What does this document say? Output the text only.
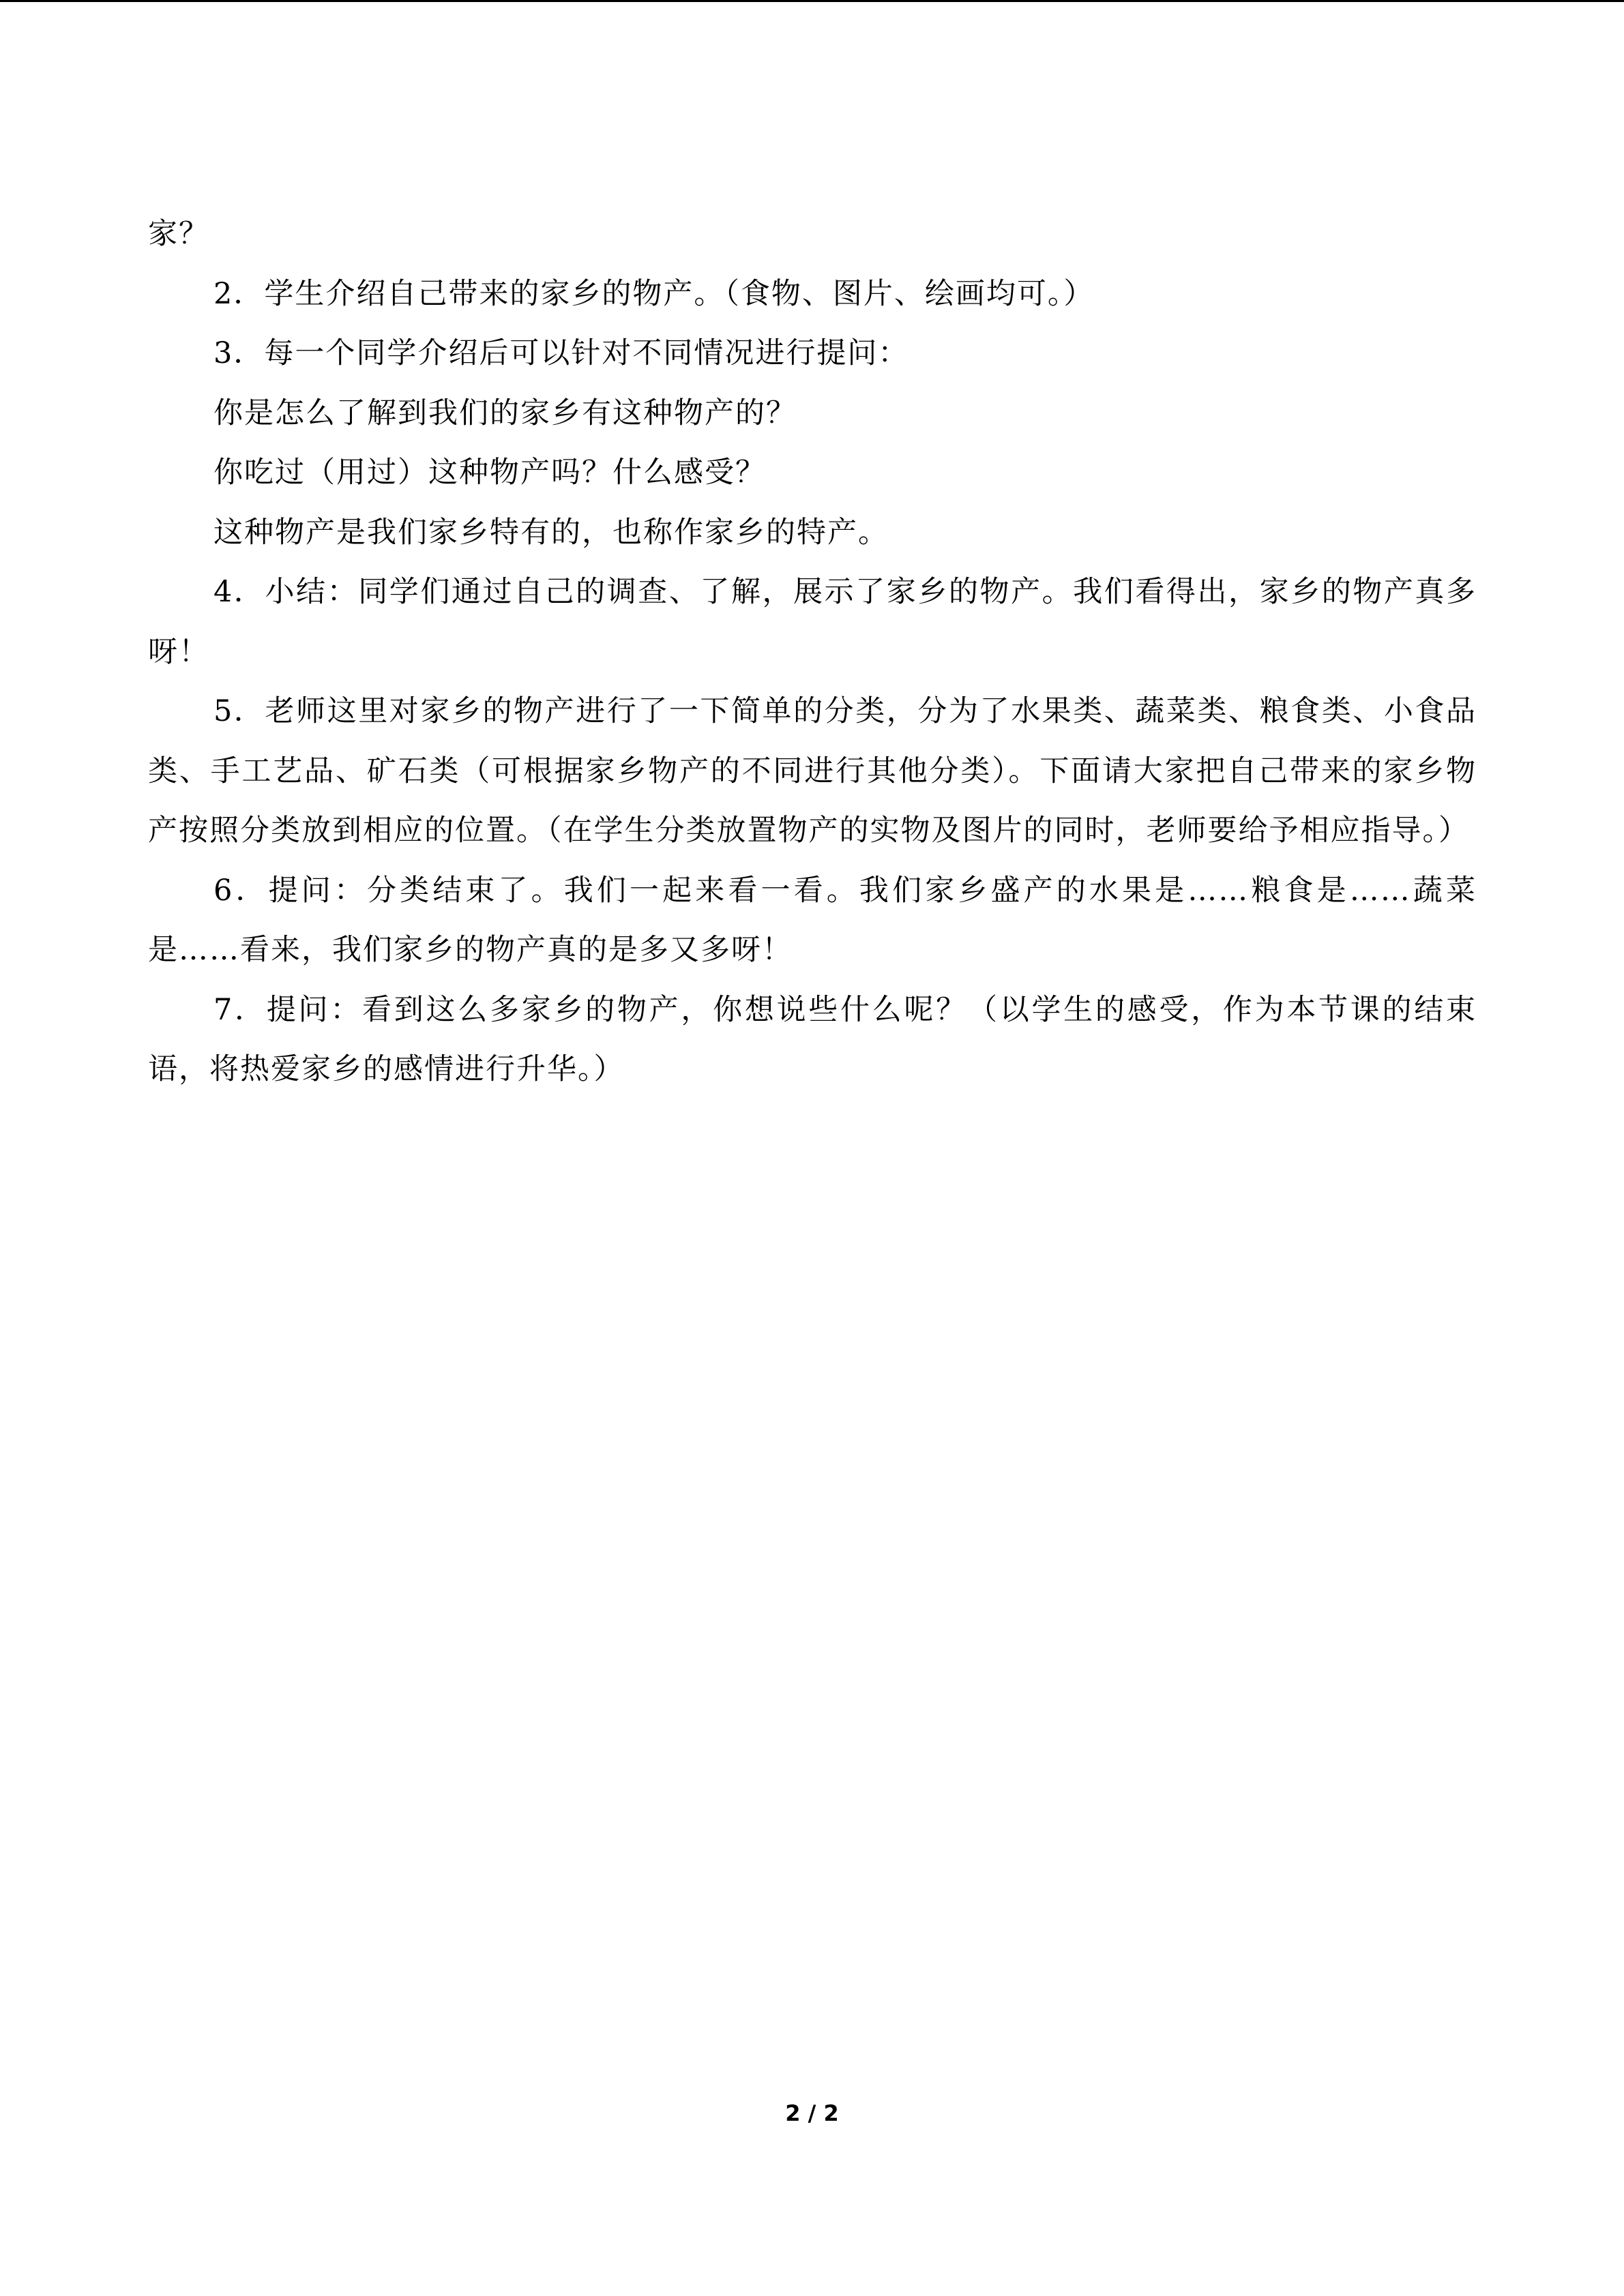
家？

2．学生介绍自己带来的家乡的物产。（食物、图片、绘画均可。）

3．每一个同学介绍后可以针对不同情况进行提问：

你是怎么了解到我们的家乡有这种物产的？

你吃过（用过）这种物产吗？什么感受？

这种物产是我们家乡特有的，也称作家乡的特产。

4．小结：同学们通过自己的调查、了解，展示了家乡的物产。我们看得出，家乡的物产真多呀！

5．老师这里对家乡的物产进行了一下简单的分类，分为了水果类、蔬菜类、粮食类、小食品类、手工艺品、矿石类（可根据家乡物产的不同进行其他分类）。下面请大家把自己带来的家乡物产按照分类放到相应的位置。（在学生分类放置物产的实物及图片的同时，老师要给予相应指导。）

6．提问：分类结束了。我们一起来看一看。我们家乡盛产的水果是……粮食是……蔬菜是……看来，我们家乡的物产真的是多又多呀！

7．提问：看到这么多家乡的物产，你想说些什么呢？（以学生的感受，作为本节课的结束语，将热爱家乡的感情进行升华。）

2 / 2
